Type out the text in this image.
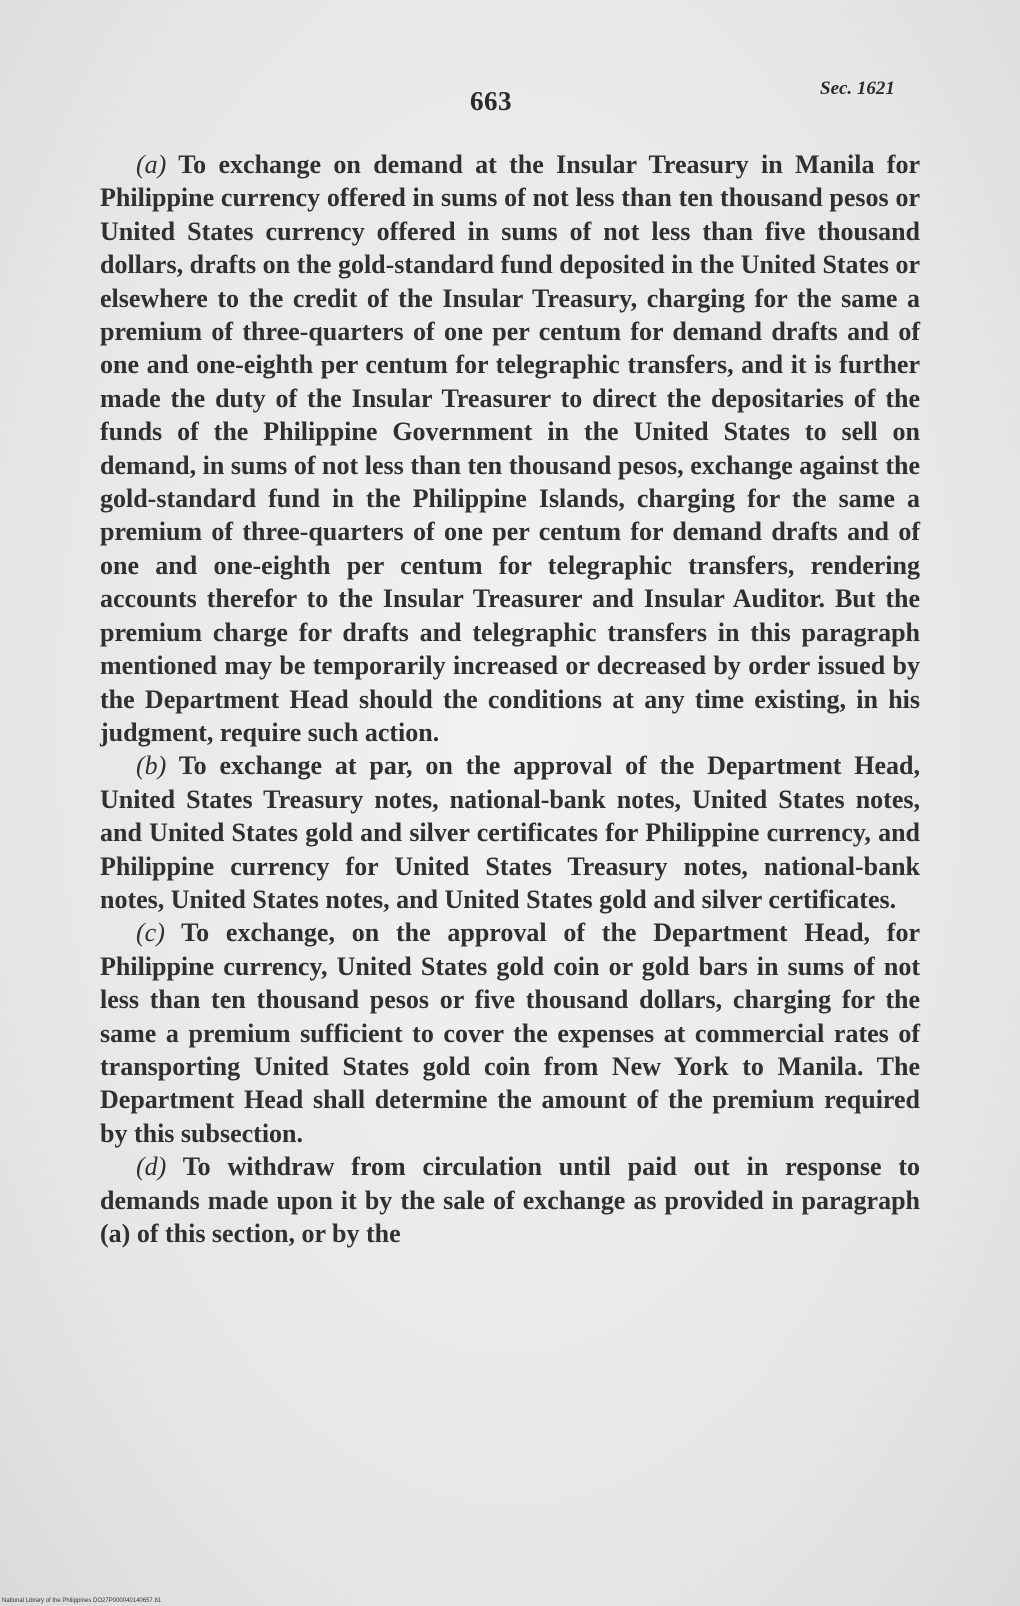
663	Sec. 1621

(a) To exchange on demand at the Insular Treasury in Manila for Philippine currency offered in sums of not less than ten thousand pesos or United States currency offered in sums of not less than five thousand dollars, drafts on the gold-standard fund deposited in the United States or elsewhere to the credit of the Insular Treasury, charging for the same a premium of three-quarters of one per centum for demand drafts and of one and one-eighth per centum for telegraphic transfers, and it is further made the duty of the Insular Treasurer to direct the depositaries of the funds of the Philippine Government in the United States to sell on demand, in sums of not less than ten thousand pesos, exchange against the gold-standard fund in the Philippine Islands, charging for the same a premium of three-quarters of one per centum for demand drafts and of one and one-eighth per centum for telegraphic transfers, rendering accounts therefor to the Insular Treasurer and Insular Auditor. But the premium charge for drafts and telegraphic transfers in this paragraph mentioned may be temporarily increased or decreased by order issued by the Department Head should the conditions at any time existing, in his judgment, require such action.

(b) To exchange at par, on the approval of the Department Head, United States Treasury notes, national-bank notes, United States notes, and United States gold and silver certificates for Philippine currency, and Philippine currency for United States Treasury notes, national-bank notes, United States notes, and United States gold and silver certificates.

(c) To exchange, on the approval of the Department Head, for Philippine currency, United States gold coin or gold bars in sums of not less than ten thousand pesos or five thousand dollars, charging for the same a premium sufficient to cover the expenses at commercial rates of transporting United States gold coin from New York to Manila. The Department Head shall determine the amount of the premium required by this subsection.

(d) To withdraw from circulation until paid out in response to demands made upon it by the sale of exchange as provided in paragraph (a) of this section, or by the

National Library of the Philippines DO27P000040140657.81
